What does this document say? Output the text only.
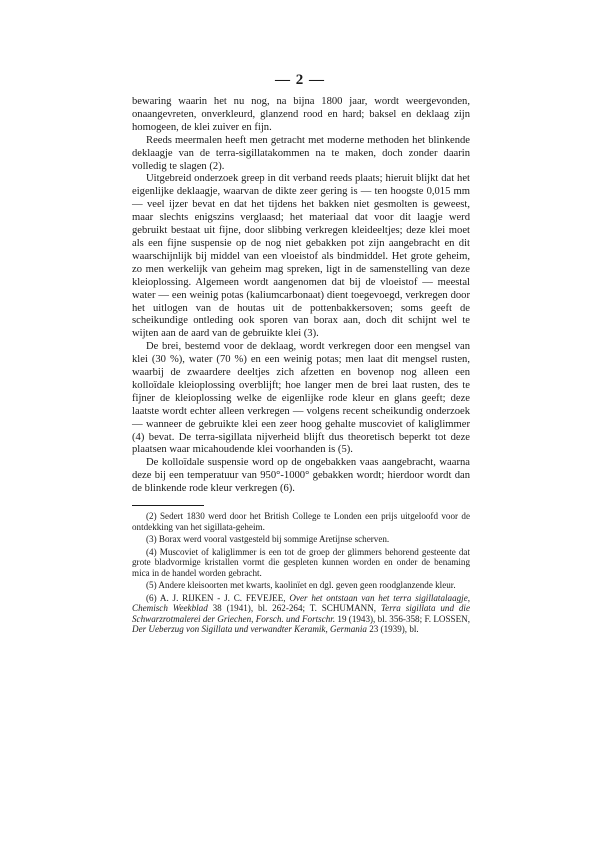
— 2 —

bewaring waarin het nu nog, na bijna 1800 jaar, wordt weergevonden, onaangevreten, onverkleurd, glanzend rood en hard; baksel en deklaag zijn homogeen, de klei zuiver en fijn.

Reeds meermalen heeft men getracht met moderne methoden het blinkende deklaagje van de terra-sigillatakommen na te maken, doch zonder daarin volledig te slagen (2).

Uitgebreid onderzoek greep in dit verband reeds plaats; hieruit blijkt dat het eigenlijke deklaagje, waarvan de dikte zeer gering is — ten hoogste 0,015 mm — veel ijzer bevat en dat het tijdens het bakken niet gesmolten is geweest, maar slechts enigszins verglaasd; het materiaal dat voor dit laagje werd gebruikt bestaat uit fijne, door slibbing verkregen kleideeltjes; deze klei moet als een fijne suspensie op de nog niet gebakken pot zijn aangebracht en dit waarschijnlijk bij middel van een vloeistof als bindmiddel. Het grote geheim, zo men werkelijk van geheim mag spreken, ligt in de samenstelling van deze kleioplossing. Algemeen wordt aangenomen dat bij de vloeistof — meestal water — een weinig potas (kaliumcarbonaat) dient toegevoegd, verkregen door het uitlogen van de houtas uit de pottenbakkersoven; soms geeft de scheikundige ontleding ook sporen van borax aan, doch dit schijnt wel te wijten aan de aard van de gebruikte klei (3).

De brei, bestemd voor de deklaag, wordt verkregen door een mengsel van klei (30 %), water (70 %) en een weinig potas; men laat dit mengsel rusten, waarbij de zwaardere deeltjes zich afzetten en bovenop nog alleen een kolloïdale kleioplossing overblijft; hoe langer men de brei laat rusten, des te fijner de kleioplossing welke de eigenlijke rode kleur en glans geeft; deze laatste wordt echter alleen verkregen — volgens recent scheikundig onderzoek — wanneer de gebruikte klei een zeer hoog gehalte muscoviet of kaliglimmer (4) bevat. De terra-sigillata nijverheid blijft dus theoretisch beperkt tot deze plaatsen waar micahoudende klei voorhanden is (5).

De kolloïdale suspensie word op de ongebakken vaas aangebracht, waarna deze bij een temperatuur van 950°-1000° gebakken wordt; hierdoor wordt dan de blinkende rode kleur verkregen (6).

(2) Sedert 1830 werd door het British College te Londen een prijs uitgeloofd voor de ontdekking van het sigillata-geheim.

(3) Borax werd vooral vastgesteld bij sommige Aretijnse scherven.

(4) Muscoviet of kaliglimmer is een tot de groep der glimmers behorend gesteente dat grote bladvormige kristallen vormt die gespleten kunnen worden en onder de benaming mica in de handel worden gebracht.

(5) Andere kleisoorten met kwarts, kaolinïet en dgl. geven geen roodglanzende kleur.

(6) A. J. RIJKEN - J. C. FEVEJEE, Over het ontstaan van het terra sigillatalaagje, Chemisch Weekblad 38 (1941), bl. 262-264; T. SCHUMANN, Terra sigillata und die Schwarzrotmalerei der Griechen, Forsch. und Fortschr. 19 (1943), bl. 356-358; F. LOSSEN, Der Ueberzug von Sigillata und verwandter Keramik, Germania 23 (1939), bl.
